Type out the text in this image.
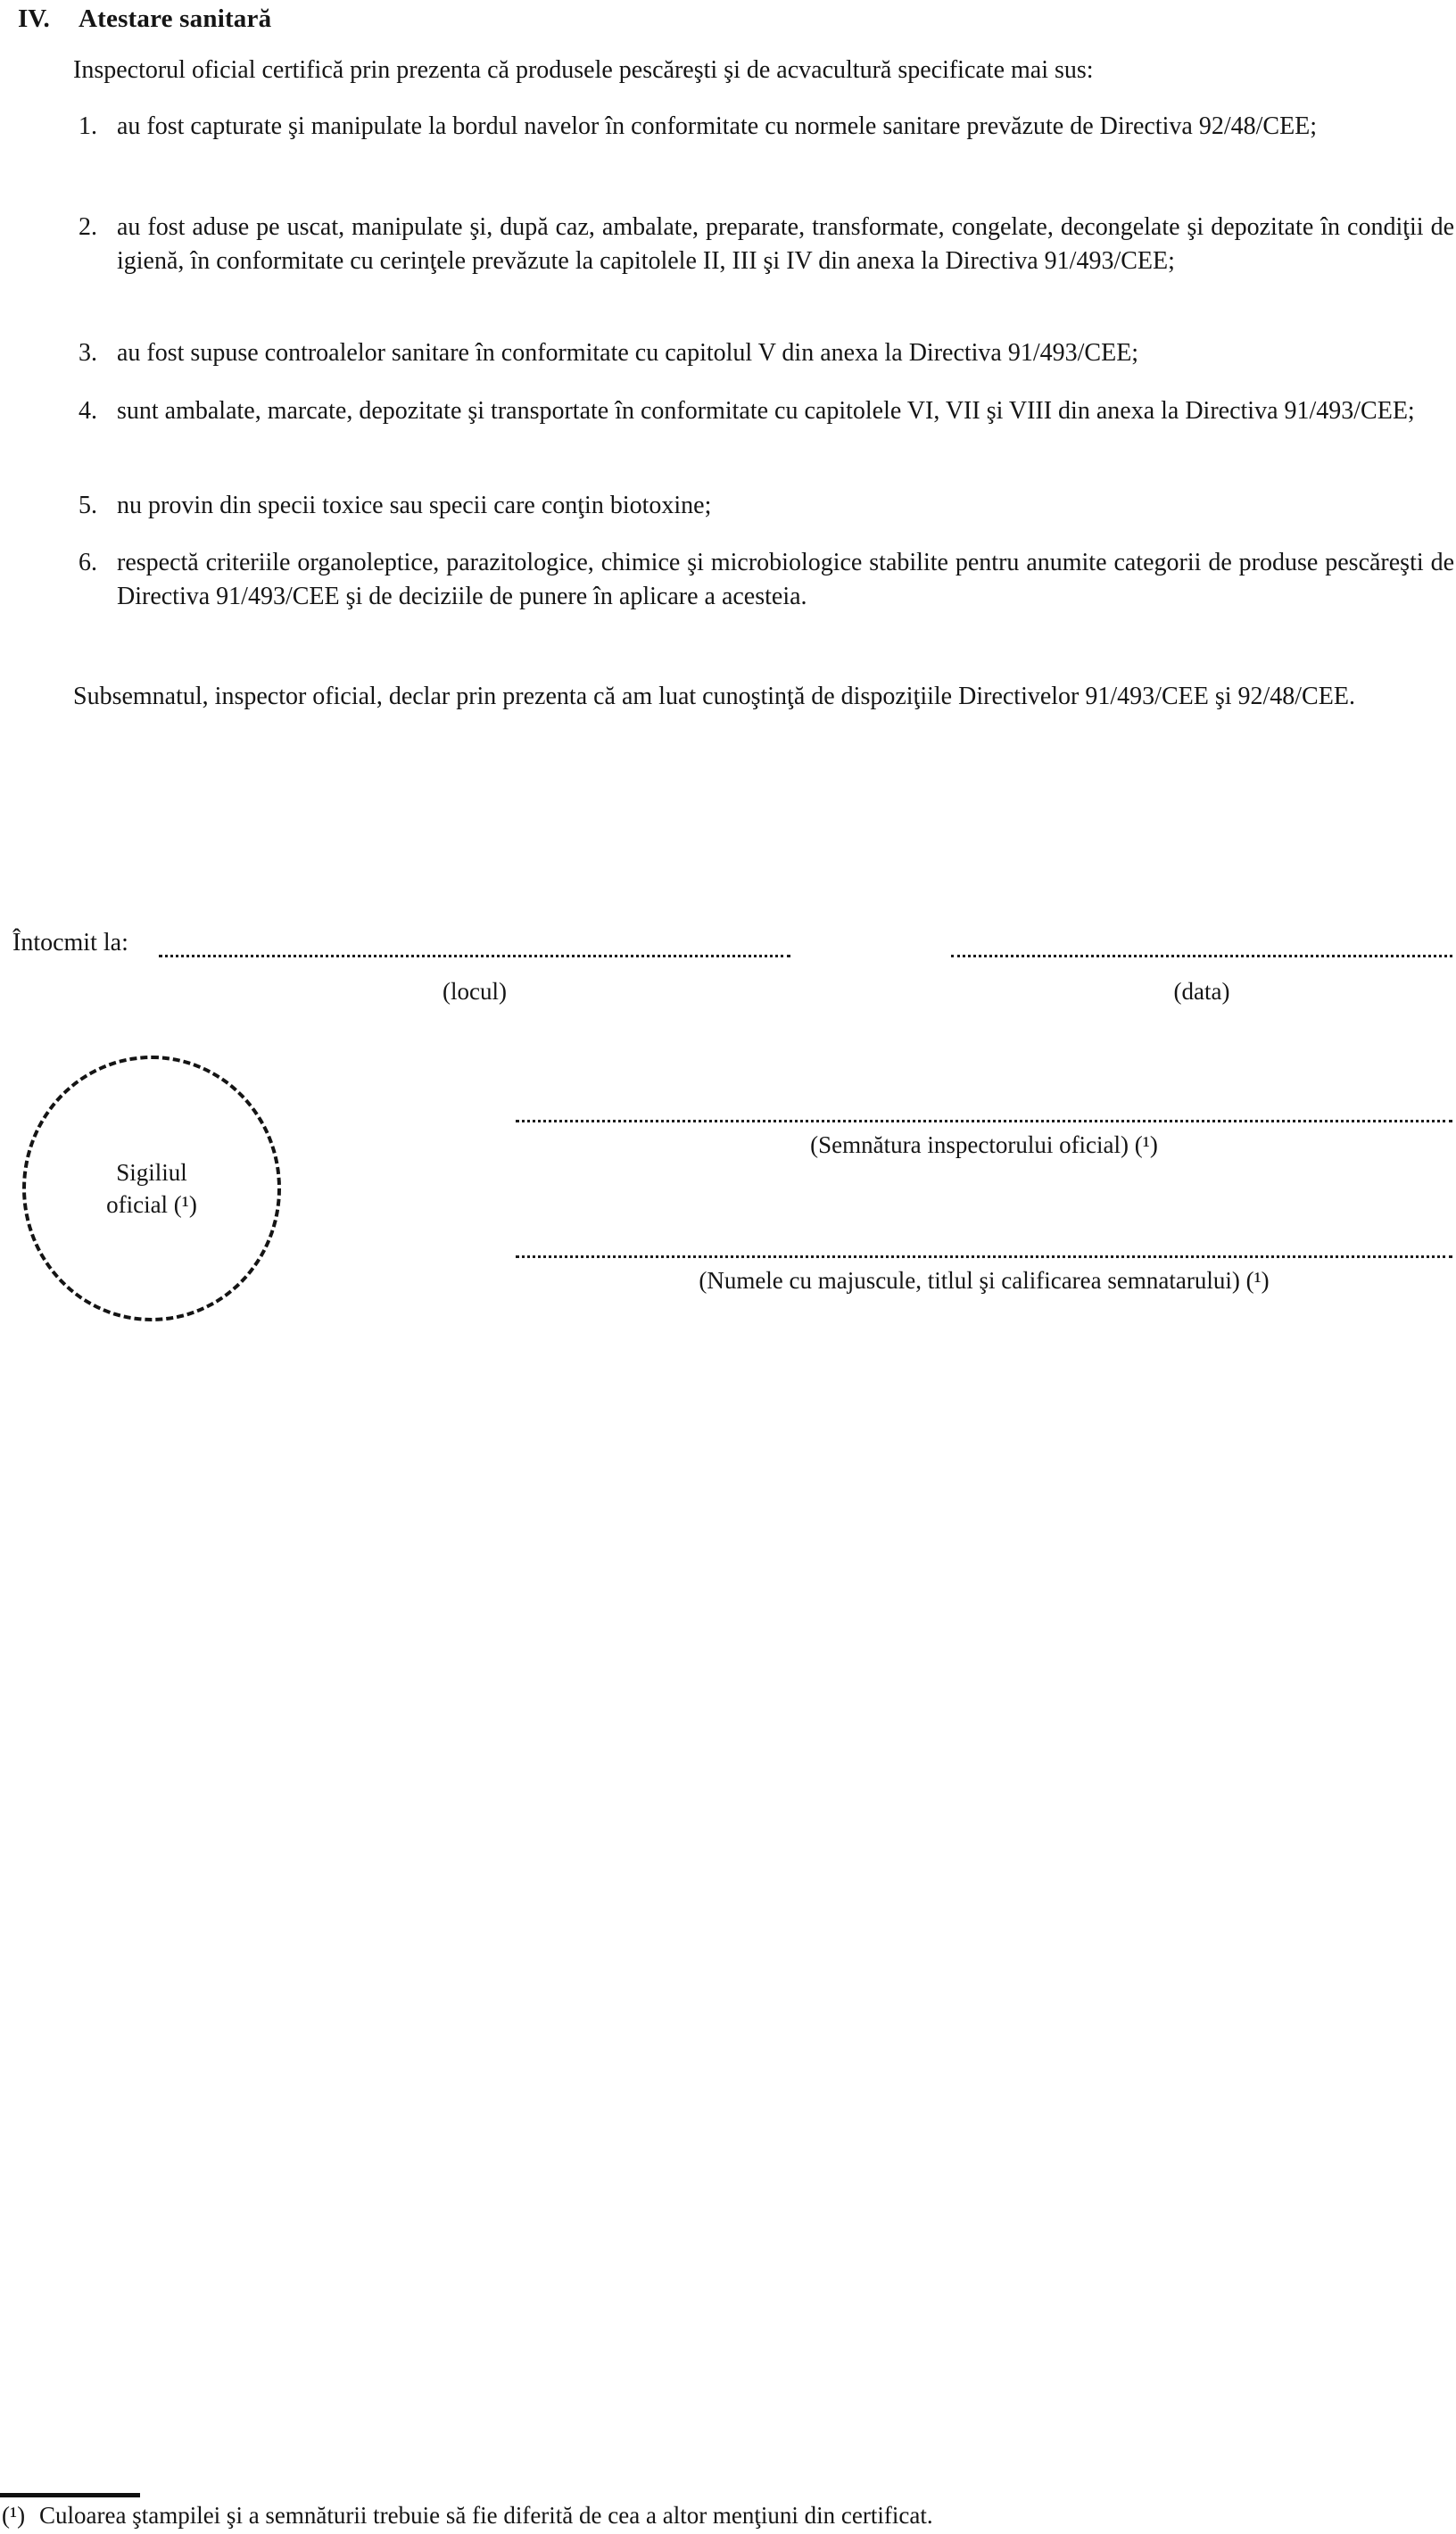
IV.	Atestare sanitară

Inspectorul oficial certifică prin prezenta că produsele pescăreşti şi de acvacultură specificate mai sus:

1. au fost capturate şi manipulate la bordul navelor în conformitate cu normele sanitare prevăzute de Directiva 92/48/CEE;
2. au fost aduse pe uscat, manipulate şi, după caz, ambalate, preparate, transformate, congelate, decongelate şi depozitate în condiţii de igienă, în conformitate cu cerinţele prevăzute la capitolele II, III şi IV din anexa la Directiva 91/493/CEE;
3. au fost supuse controalelor sanitare în conformitate cu capitolul V din anexa la Directiva 91/493/CEE;
4. sunt ambalate, marcate, depozitate şi transportate în conformitate cu capitolele VI, VII şi VIII din anexa la Directiva 91/493/CEE;
5. nu provin din specii toxice sau specii care conţin biotoxine;
6. respectă criteriile organoleptice, parazitologice, chimice şi microbiologice stabilite pentru anumite categorii de produse pescăreşti de Directiva 91/493/CEE şi de deciziile de punere în aplicare a acesteia.

Subsemnatul, inspector oficial, declar prin prezenta că am luat cunoştinţă de dispoziţiile Directivelor 91/493/CEE şi 92/48/CEE.

Întocmit la:
(locul)	(data)
Sigiliul
oficial (¹)
(Semnătura inspectorului oficial) (¹)
(Numele cu majuscule, titlul şi calificarea semnatarului) (¹)
(¹) Culoarea ştampilei şi a semnăturii trebuie să fie diferită de cea a altor menţiuni din certificat.
